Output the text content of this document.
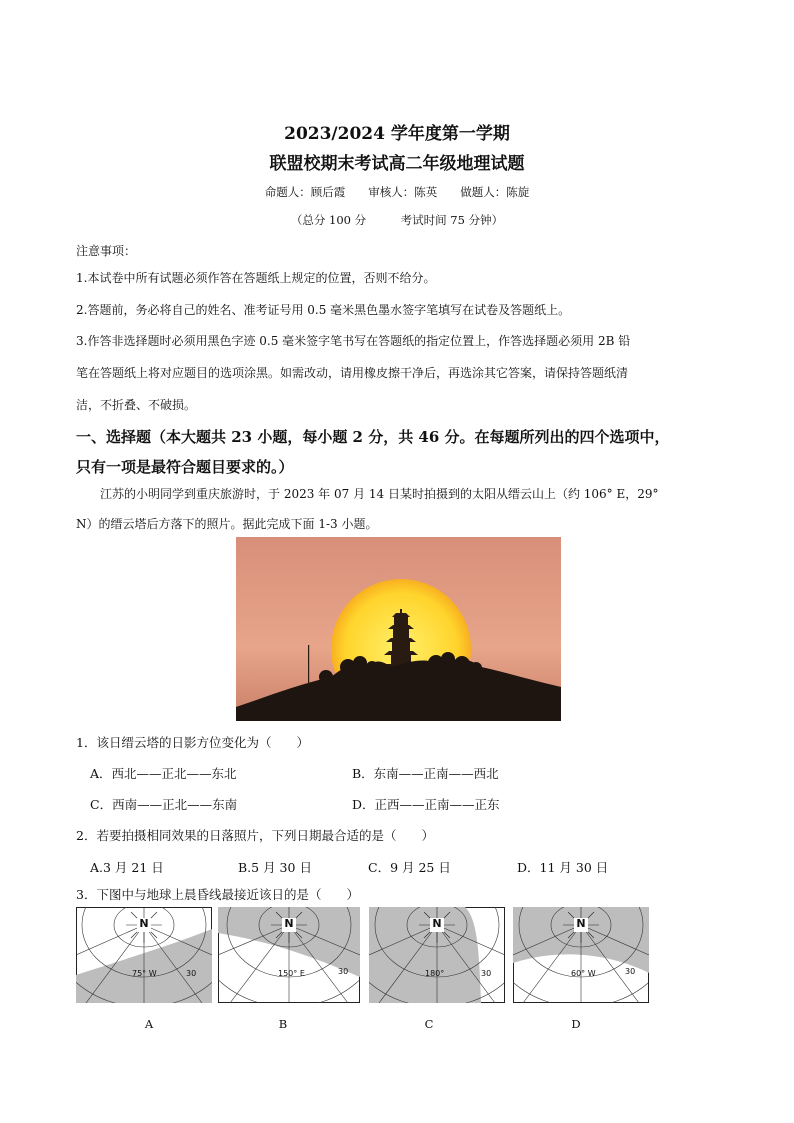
2023/2024 学年度第一学期
联盟校期末考试高二年级地理试题
命题人：顾后霞　　审核人：陈英　　做题人：陈旋
（总分 100 分　　　考试时间 75 分钟）
注意事项：
1.本试卷中所有试题必须作答在答题纸上规定的位置，否则不给分。
2.答题前，务必将自己的姓名、准考证号用 0.5 毫米黑色墨水签字笔填写在试卷及答题纸上。
3.作答非选择题时必须用黑色字迹 0.5 毫米签字笔书写在答题纸的指定位置上，作答选择题必须用 2B 铅
笔在答题纸上将对应题目的选项涂黑。如需改动，请用橡皮擦干净后，再选涂其它答案，请保持答题纸清
洁，不折叠、不破损。
一、选择题（本大题共 23 小题，每小题 2 分，共 46 分。在每题所列出的四个选项中，
只有一项是最符合题目要求的。）
江苏的小明同学到重庆旅游时，于 2023 年 07 月 14 日某时拍摄到的太阳从缙云山上（约 106° E，29°
N）的缙云塔后方落下的照片。据此完成下面 1-3 小题。
1．该日缙云塔的日影方位变化为（　　）
A．西北——正北——东北	B．东南——正南——西北
C．西南——正北——东南	D．正西——正南——正东
2．若要拍摄相同效果的日落照片，下列日期最合适的是（　　）
A.3 月 21 日	B.5 月 30 日	C．9 月 25 日	D．11 月 30 日
3．下图中与地球上晨昏线最接近该日的是（　　）
N
75° W	30
N
150° E	30
N
180°	30
N
60° W	30
A	B	C	D
